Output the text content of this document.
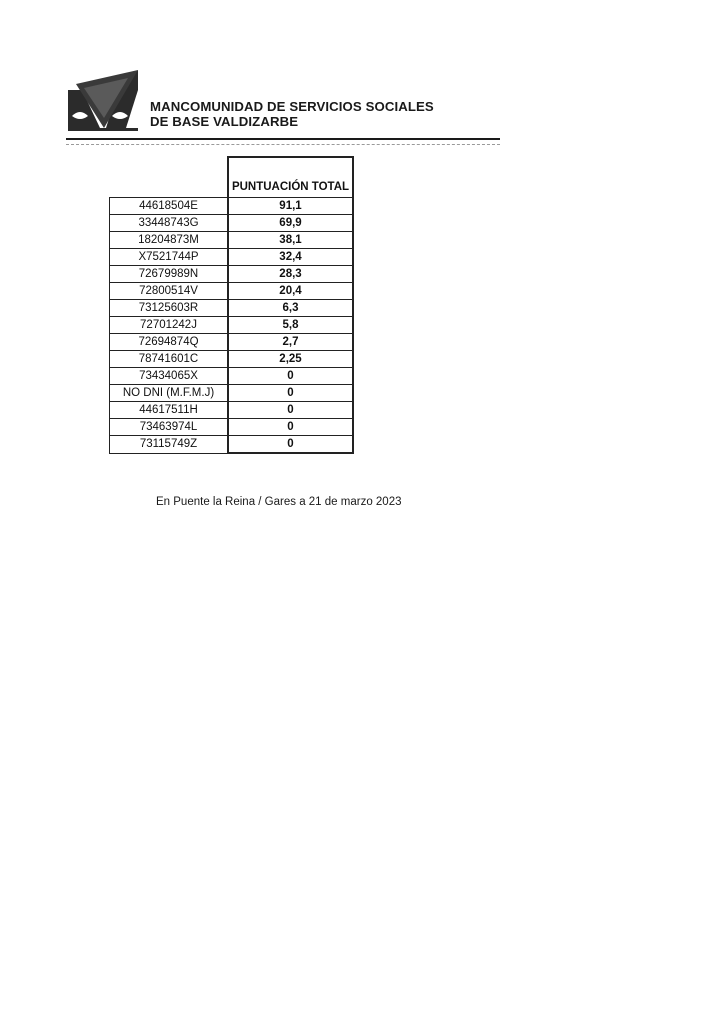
MANCOMUNIDAD DE SERVICIOS SOCIALES
DE BASE VALDIZARBE
	PUNTUACIÓN TOTAL
44618504E	91,1
33448743G	69,9
18204873M	38,1
X7521744P	32,4
72679989N	28,3
72800514V	20,4
73125603R	6,3
72701242J	5,8
72694874Q	2,7
78741601C	2,25
73434065X	0
NO DNI (M.F.M.J)	0
44617511H	0
73463974L	0
73115749Z	0
En Puente la Reina / Gares a 21 de marzo 2023
